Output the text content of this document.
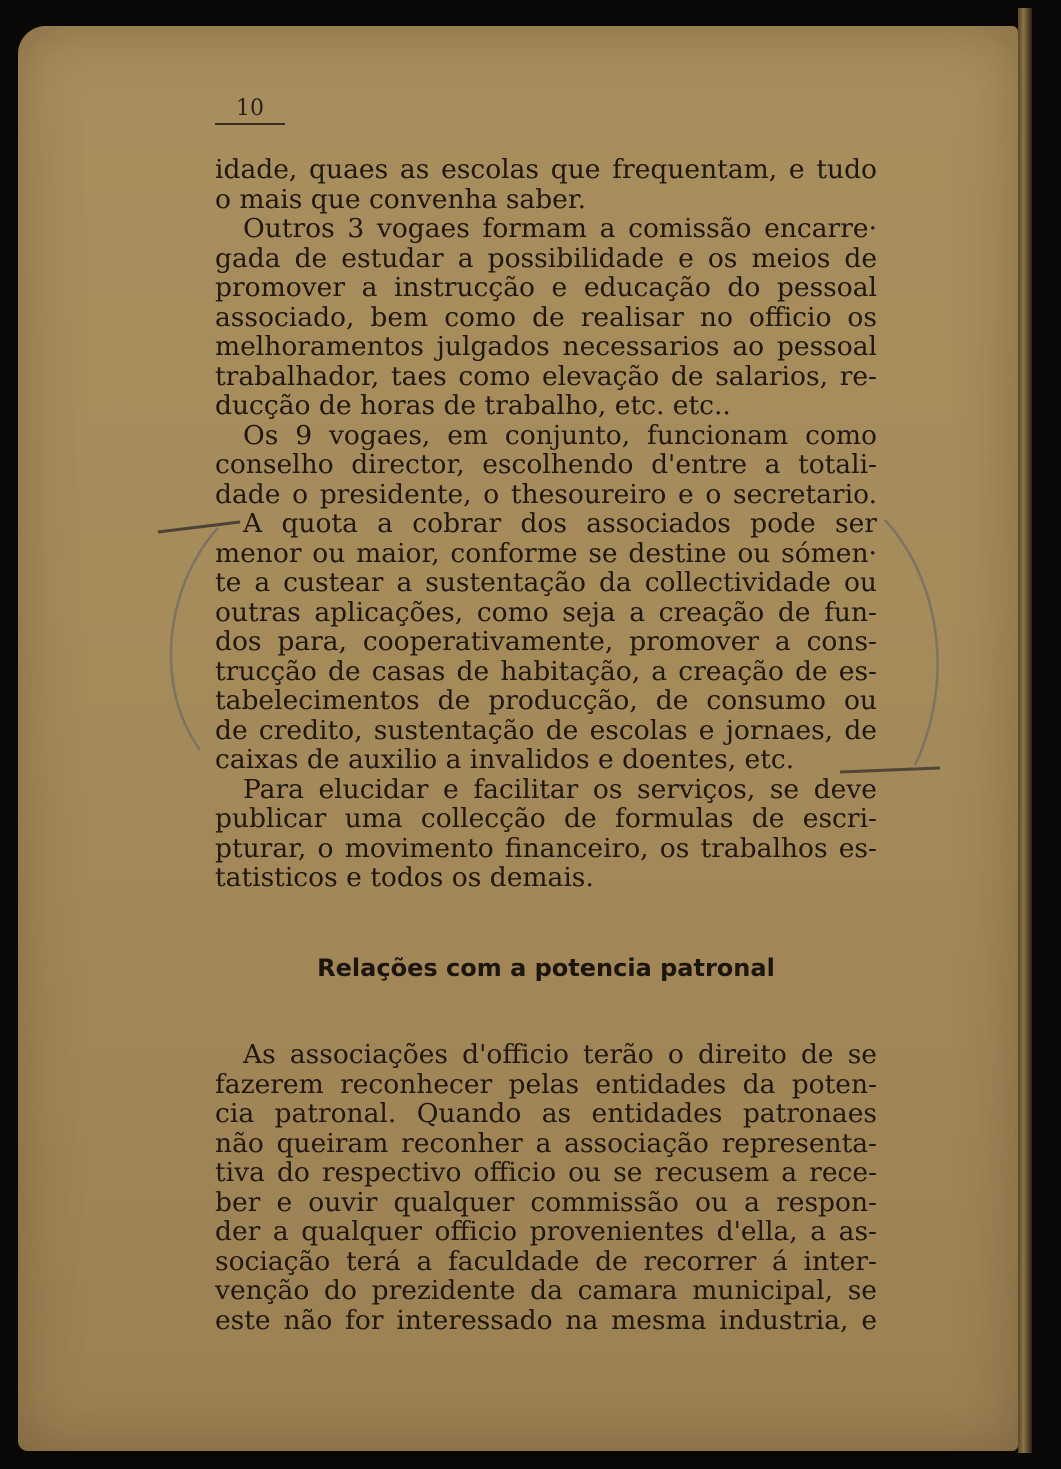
10
idade, quaes as escolas que frequentam, e tudo
o mais que convenha saber.
Outros 3 vogaes formam a comissão encarre·
gada de estudar a possibilidade e os meios de
promover a instrucção e educação do pessoal
associado, bem como de realisar no officio os
melhoramentos julgados necessarios ao pessoal
trabalhador, taes como elevação de salarios, re-
ducção de horas de trabalho, etc. etc..
Os 9 vogaes, em conjunto, funcionam como
conselho director, escolhendo d'entre a totali-
dade o presidente, o thesoureiro e o secretario.
A quota a cobrar dos associados pode ser
menor ou maior, conforme se destine ou sómen·
te a custear a sustentação da collectividade ou
outras aplicações, como seja a creação de fun-
dos para, cooperativamente, promover a cons-
trucção de casas de habitação, a creação de es-
tabelecimentos de producção, de consumo ou
de credito, sustentação de escolas e jornaes, de
caixas de auxilio a invalidos e doentes, etc.
Para elucidar e facilitar os serviços, se deve
publicar uma collecção de formulas de escri-
pturar, o movimento financeiro, os trabalhos es-
tatisticos e todos os demais.
Relações com a potencia patronal
As associações d'officio terão o direito de se
fazerem reconhecer pelas entidades da poten-
cia patronal. Quando as entidades patronaes
não queiram reconher a associação representa-
tiva do respectivo officio ou se recusem a rece-
ber e ouvir qualquer commissão ou a respon-
der a qualquer officio provenientes d'ella, a as-
sociação terá a faculdade de recorrer á inter-
venção do prezidente da camara municipal, se
este não for interessado na mesma industria, e
